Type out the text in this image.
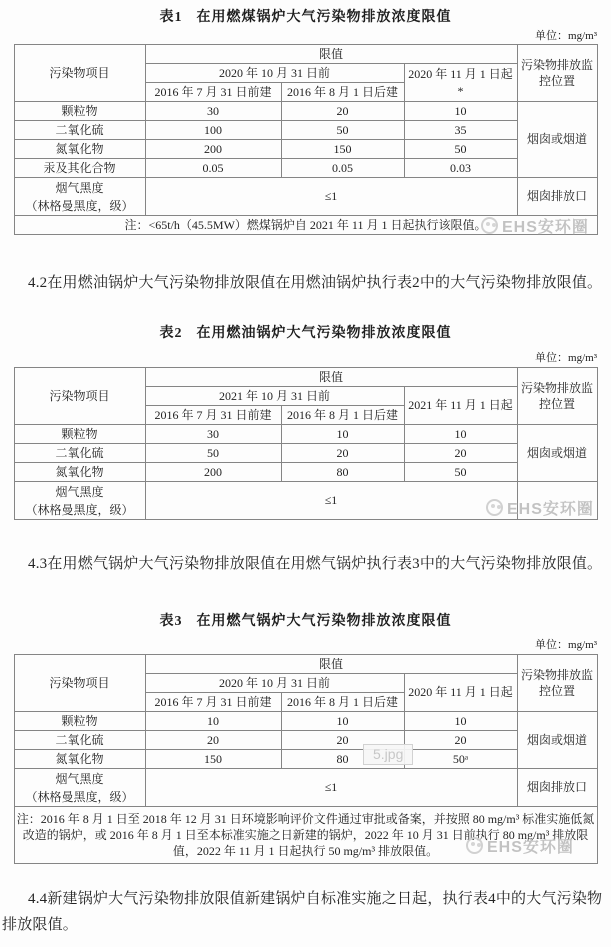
表1 在用燃煤锅炉大气污染物排放浓度限值
单位：mg/m³
污染物项目	限值			污染物排放监控位置
	2020 年 10 月 31 日前		2020 年 11 月 1 日起*	
	2016 年 7 月 31 日前建	2016 年 8 月 1 日后建		
颗粒物	30	20	10	烟囱或烟道
二氧化硫	100	50	35	
氮氧化物	200	150	50	
汞及其化合物	0.05	0.05	0.03	

烟气黑度
（林格曼黑度，级）	≤1			烟囱排放口
注：<65t/h（45.5MW）燃煤锅炉自 2021 年 11 月 1 日起执行该限值。				EHS安环圈
4.2在用燃油锅炉大气污染物排放限值在用燃油锅炉执行表2中的大气污染物排放限值。
表2 在用燃油锅炉大气污染物排放浓度限值
单位：mg/m³
污染物项目	限值			污染物排放监控位置
	2021 年 10 月 31 日前		2021 年 11 月 1 日起	
	2016 年 7 月 31 日前建	2016 年 8 月 1 日后建		
颗粒物	30	10	10	烟囱或烟道
二氧化硫	50	20	20	
氮氧化物	200	80	50	

烟气黑度
（林格曼黑度，级）	≤1			
EHS安环圈
4.3在用燃气锅炉大气污染物排放限值在用燃气锅炉执行表3中的大气污染物排放限值。
表3 在用燃气锅炉大气污染物排放浓度限值
单位：mg/m³
污染物项目	限值			污染物排放监控位置
	2020 年 10 月 31 日前		2020 年 11 月 1 日起	
	2016 年 7 月 31 日前建	2016 年 8 月 1 日后建		
颗粒物	10	10	10	烟囱或烟道
二氧化硫	20	20	20	
氮氧化物	150	80	50ᵃ	

烟气黑度
（林格曼黑度，级）	≤1			烟囱排放口
注：2016 年 8 月 1 日至 2018 年 12 月 31 日环境影响评价文件通过审批或备案，并按照 80 mg/m³ 标准实施低氮改造的锅炉，或 2016 年 8 月 1 日至本标准实施之日新建的锅炉，2022 年 10 月 31 日前执行 80 mg/m³ 排放限值，2022 年 11 月 1 日起执行 50 mg/m³ 排放限值。				
5.jpg
EHS安环圈
4.4新建锅炉大气污染物排放限值新建锅炉自标准实施之日起，执行表4中的大气污染物排放限值。
